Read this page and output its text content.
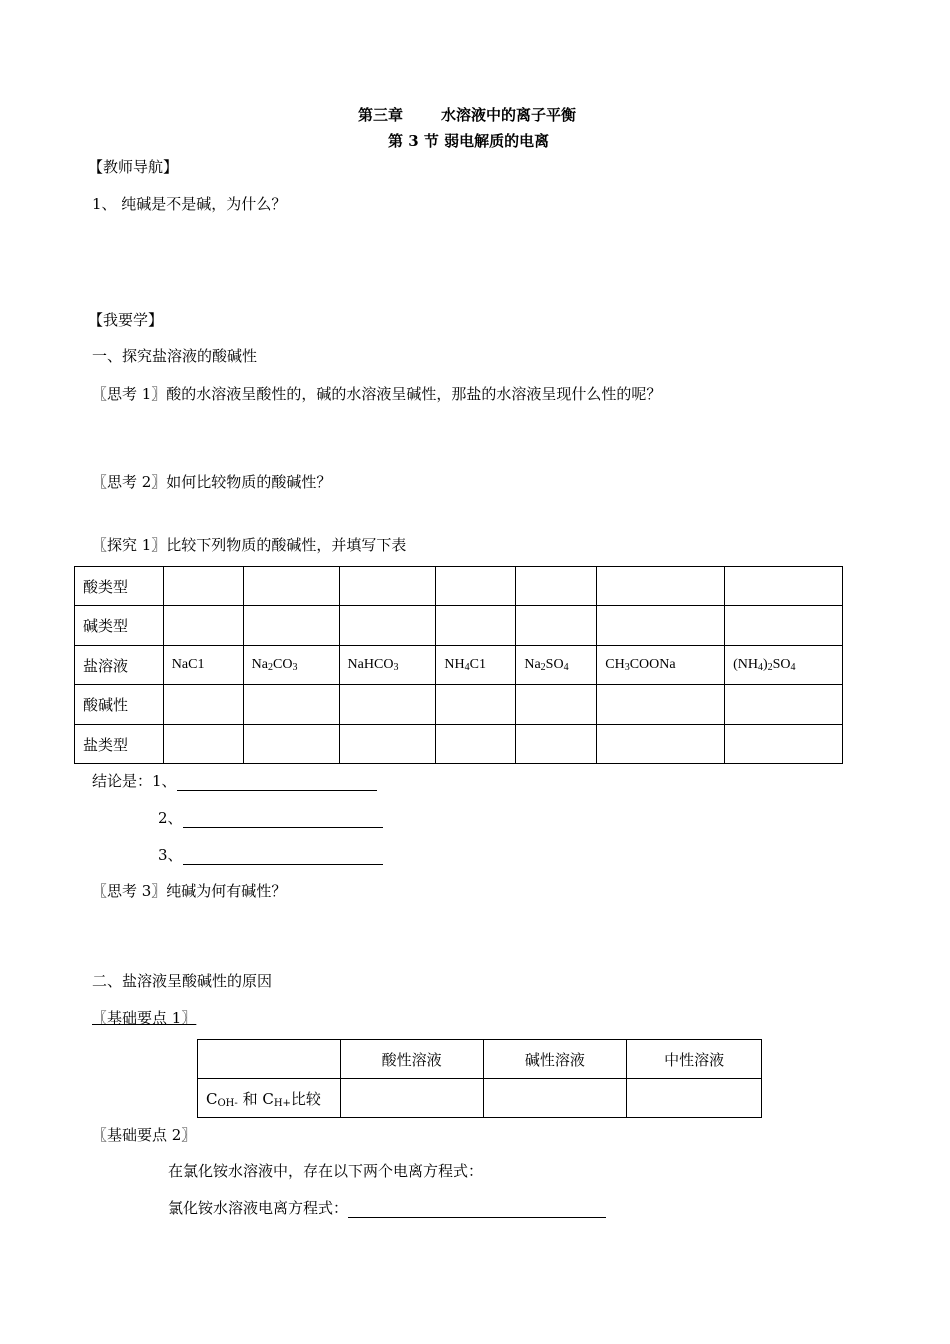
第三章	水溶液中的离子平衡
第 3 节 弱电解质的电离
【教师导航】
1、 纯碱是不是碱，为什么？
【我要学】
一、探究盐溶液的酸碱性
〖思考 1〗酸的水溶液呈酸性的，碱的水溶液呈碱性，那盐的水溶液呈现什么性的呢？
〖思考 2〗如何比较物质的酸碱性？
〖探究 1〗比较下列物质的酸碱性，并填写下表
酸类型							
碱类型							
盐溶液	NaC1	$Na_2CO_3$	NaHCO$_3$	$NH_4C1$	$Na_2SO_4$	$CH_3COONa$	$(NH_4)_2SO_4$
酸碱性							
盐类型							
结论是：1、
2、
3、
〖思考 3〗纯碱为何有碱性？
二、盐溶液呈酸碱性的原因
〖基础要点 1〗
	酸性溶液	碱性溶液	中性溶液
$C_{OH-}$ 和 $C_{H+}$比较			
〖基础要点 2〗
在氯化铵水溶液中，存在以下两个电离方程式：
氯化铵水溶液电离方程式：
